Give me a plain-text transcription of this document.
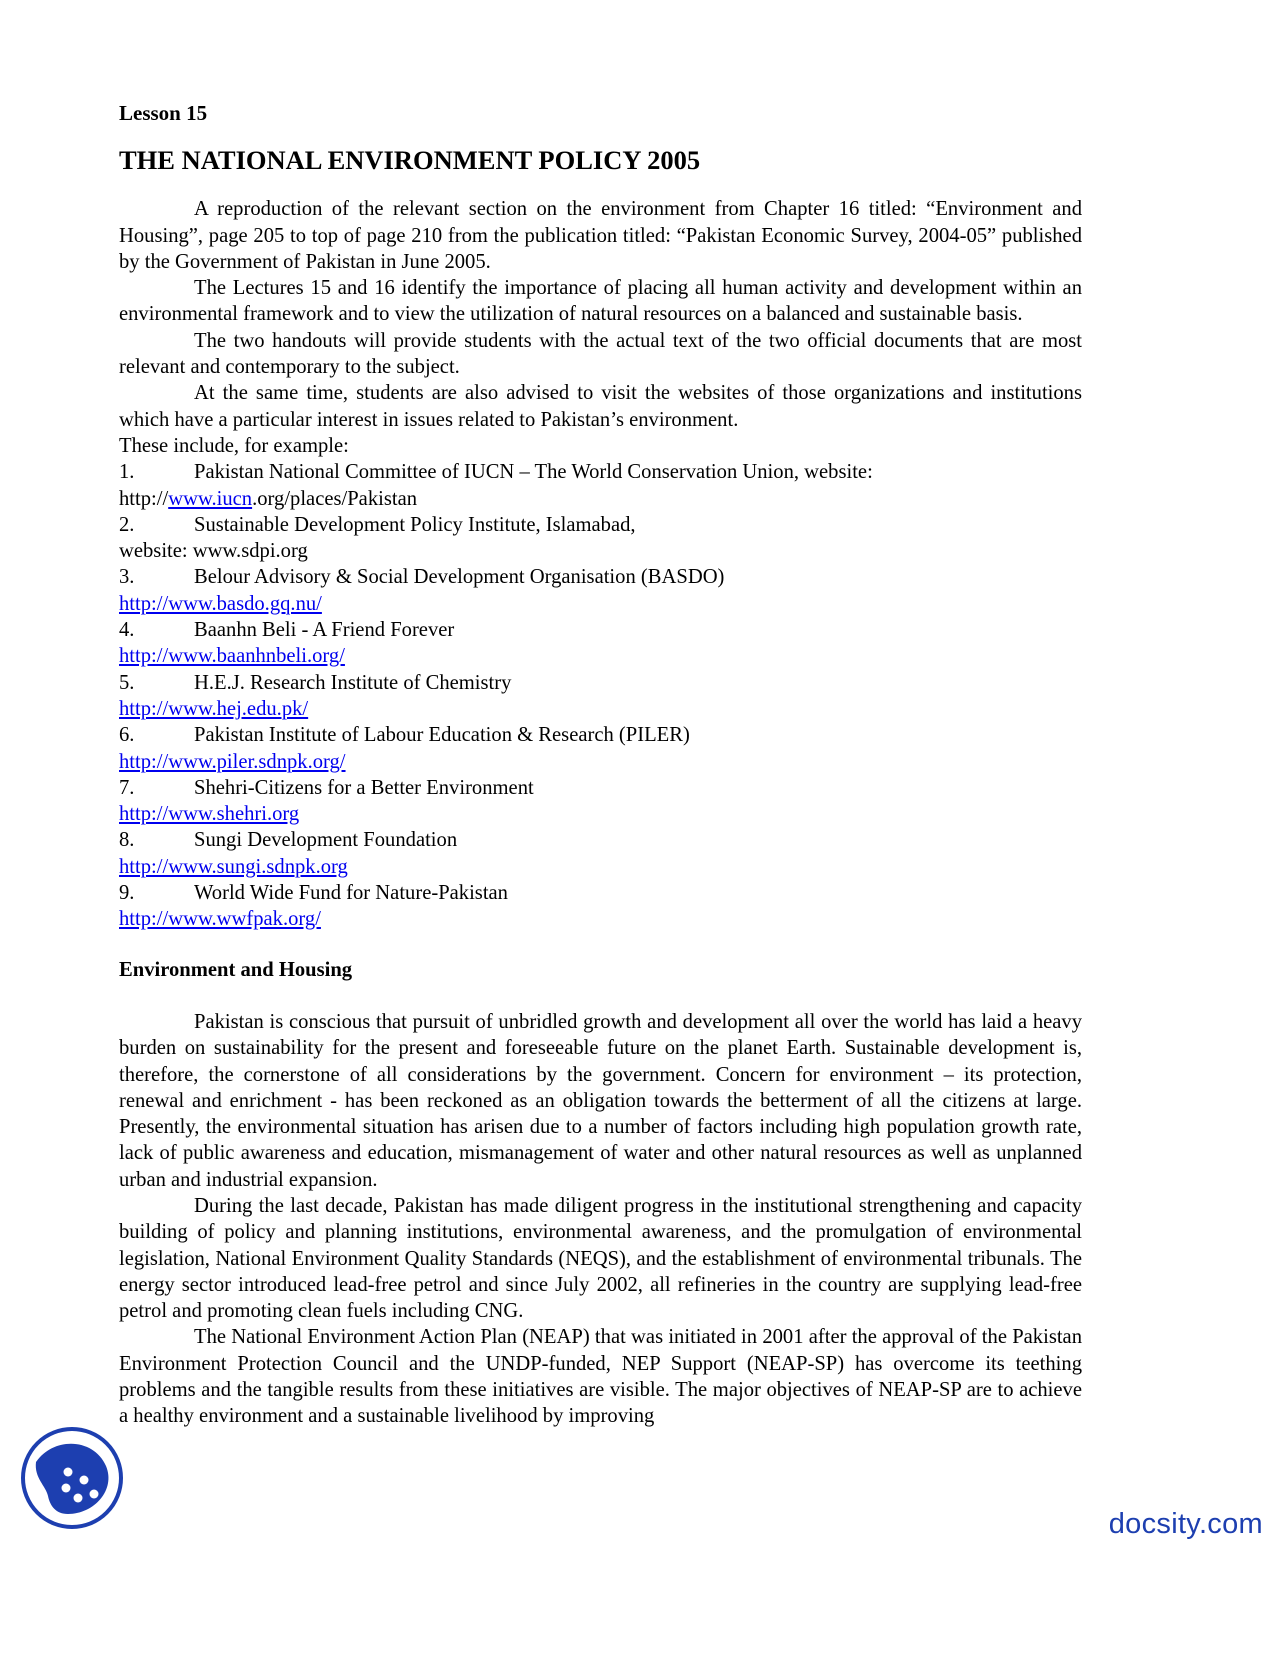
Lesson 15
THE NATIONAL ENVIRONMENT POLICY 2005

A reproduction of the relevant section on the environment from Chapter 16 titled: “Environment and Housing”, page 205 to top of page 210 from the publication titled: “Pakistan Economic Survey, 2004-05” published by the Government of Pakistan in June 2005.

The Lectures 15 and 16 identify the importance of placing all human activity and development within an environmental framework and to view the utilization of natural resources on a balanced and sustainable basis.

The two handouts will provide students with the actual text of the two official documents that are most relevant and contemporary to the subject.

At the same time, students are also advised to visit the websites of those organizations and institutions which have a particular interest in issues related to Pakistan’s environment.

These include, for example:

1.	Pakistan National Committee of IUCN – The World Conservation Union, website:
http://www.iucn.org/places/Pakistan
2.	Sustainable Development Policy Institute, Islamabad,
website: www.sdpi.org
3.	Belour Advisory & Social Development Organisation (BASDO)
http://www.basdo.gq.nu/
4.	Baanhn Beli - A Friend Forever
http://www.baanhnbeli.org/
5.	H.E.J. Research Institute of Chemistry
http://www.hej.edu.pk/
6.	Pakistan Institute of Labour Education & Research (PILER)
http://www.piler.sdnpk.org/
7.	Shehri-Citizens for a Better Environment
http://www.shehri.org
8.	Sungi Development Foundation
http://www.sungi.sdnpk.org
9.	World Wide Fund for Nature-Pakistan
http://www.wwfpak.org/
Environment and Housing

Pakistan is conscious that pursuit of unbridled growth and development all over the world has laid a heavy burden on sustainability for the present and foreseeable future on the planet Earth. Sustainable development is, therefore, the cornerstone of all considerations by the government. Concern for environment – its protection, renewal and enrichment - has been reckoned as an obligation towards the betterment of all the citizens at large. Presently, the environmental situation has arisen due to a number of factors including high population growth rate, lack of public awareness and education, mismanagement of water and other natural resources as well as unplanned urban and industrial expansion.

During the last decade, Pakistan has made diligent progress in the institutional strengthening and capacity building of policy and planning institutions, environmental awareness, and the promulgation of environmental legislation, National Environment Quality Standards (NEQS), and the establishment of environmental tribunals. The energy sector introduced lead-free petrol and since July 2002, all refineries in the country are supplying lead-free petrol and promoting clean fuels including CNG.

The National Environment Action Plan (NEAP) that was initiated in 2001 after the approval of the Pakistan Environment Protection Council and the UNDP-funded, NEP Support (NEAP-SP) has overcome its teething problems and the tangible results from these initiatives are visible. The major objectives of NEAP-SP are to achieve a healthy environment and a sustainable livelihood by improving

docsity.com
